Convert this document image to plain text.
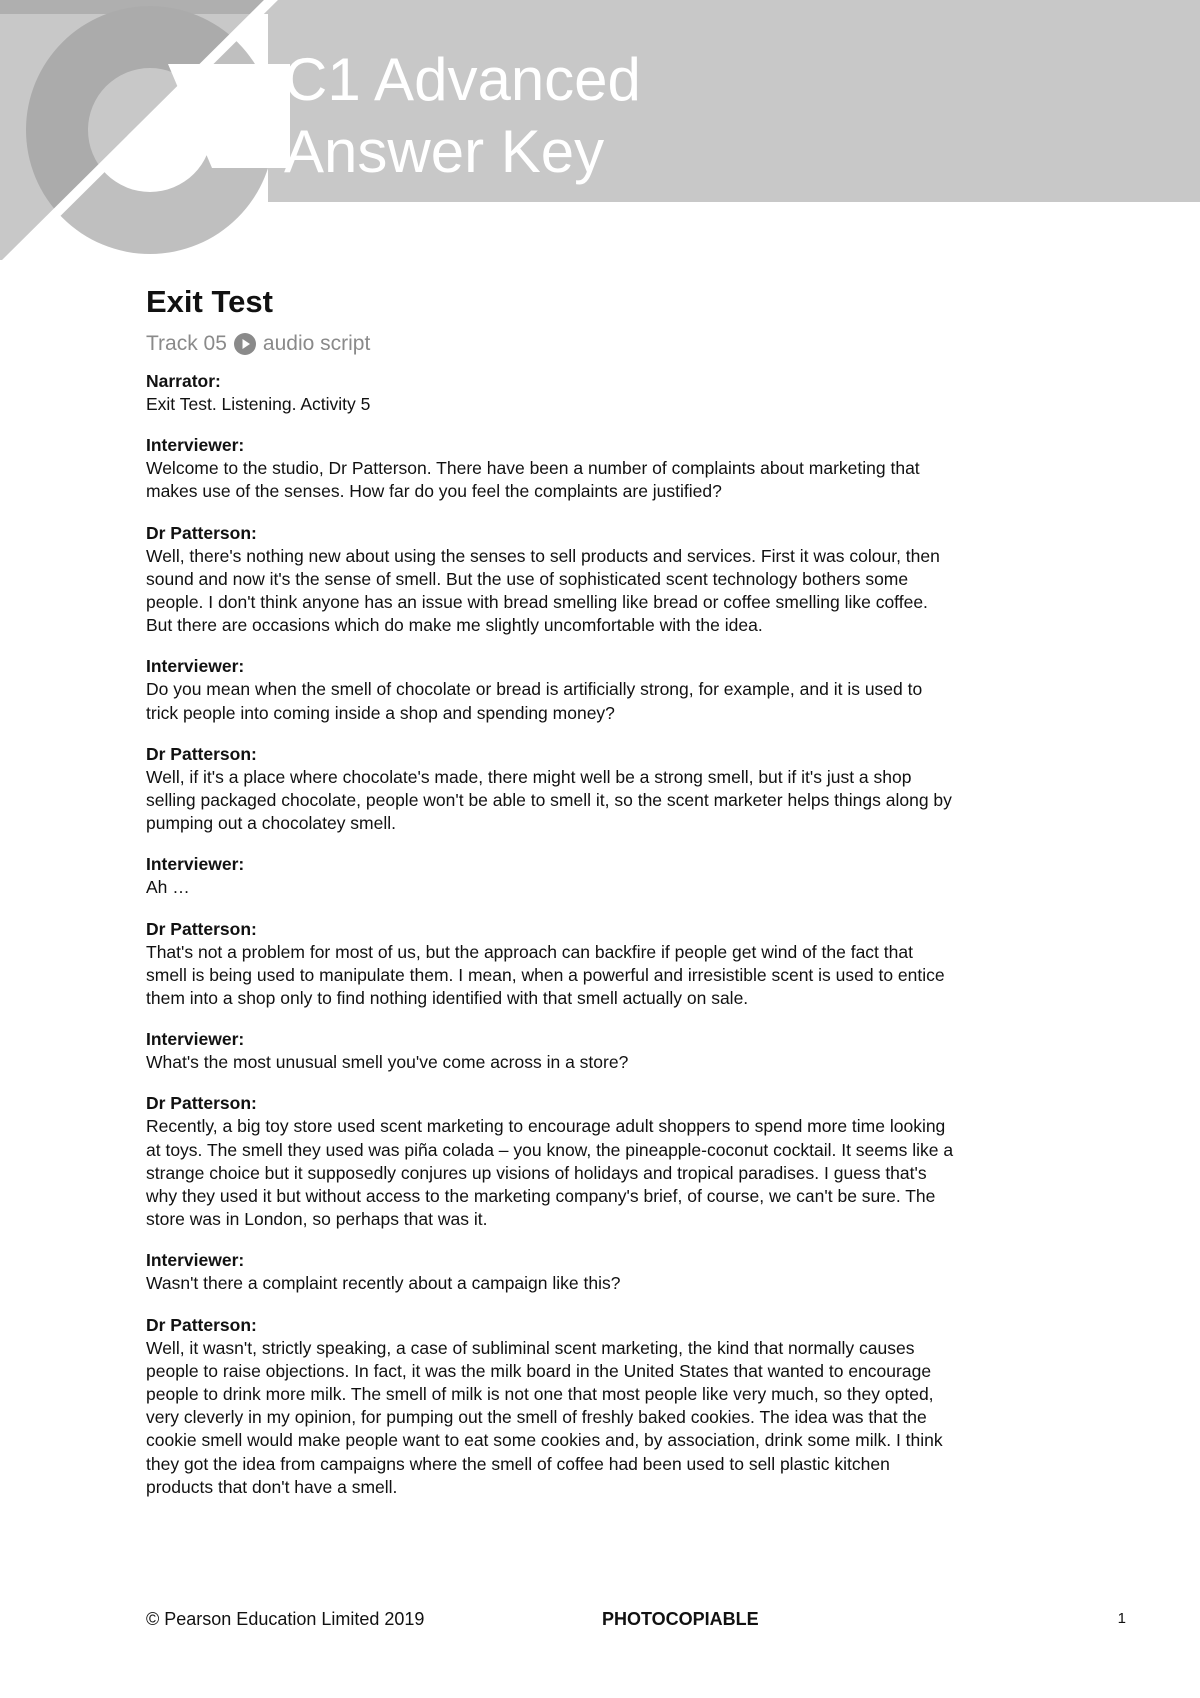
C1 Advanced
Answer Key
Exit Test
Track 05 audio script

Narrator:

Exit Test. Listening. Activity 5

Interviewer:

Welcome to the studio, Dr Patterson. There have been a number of complaints about marketing that
makes use of the senses. How far do you feel the complaints are justified?

Dr Patterson:

Well, there's nothing new about using the senses to sell products and services. First it was colour, then
sound and now it's the sense of smell. But the use of sophisticated scent technology bothers some
people. I don't think anyone has an issue with bread smelling like bread or coffee smelling like coffee.
But there are occasions which do make me slightly uncomfortable with the idea.

Interviewer:

Do you mean when the smell of chocolate or bread is artificially strong, for example, and it is used to
trick people into coming inside a shop and spending money?

Dr Patterson:

Well, if it's a place where chocolate's made, there might well be a strong smell, but if it's just a shop
selling packaged chocolate, people won't be able to smell it, so the scent marketer helps things along by
pumping out a chocolatey smell.

Interviewer:

Ah …

Dr Patterson:

That's not a problem for most of us, but the approach can backfire if people get wind of the fact that
smell is being used to manipulate them. I mean, when a powerful and irresistible scent is used to entice
them into a shop only to find nothing identified with that smell actually on sale.

Interviewer:

What's the most unusual smell you've come across in a store?

Dr Patterson:

Recently, a big toy store used scent marketing to encourage adult shoppers to spend more time looking
at toys. The smell they used was piña colada – you know, the pineapple-coconut cocktail. It seems like a
strange choice but it supposedly conjures up visions of holidays and tropical paradises. I guess that's
why they used it but without access to the marketing company's brief, of course, we can't be sure. The
store was in London, so perhaps that was it.

Interviewer:

Wasn't there a complaint recently about a campaign like this?

Dr Patterson:

Well, it wasn't, strictly speaking, a case of subliminal scent marketing, the kind that normally causes
people to raise objections. In fact, it was the milk board in the United States that wanted to encourage
people to drink more milk. The smell of milk is not one that most people like very much, so they opted,
very cleverly in my opinion, for pumping out the smell of freshly baked cookies. The idea was that the
cookie smell would make people want to eat some cookies and, by association, drink some milk. I think
they got the idea from campaigns where the smell of coffee had been used to sell plastic kitchen
products that don't have a smell.

© Pearson Education Limited 2019	PHOTOCOPIABLE	1
